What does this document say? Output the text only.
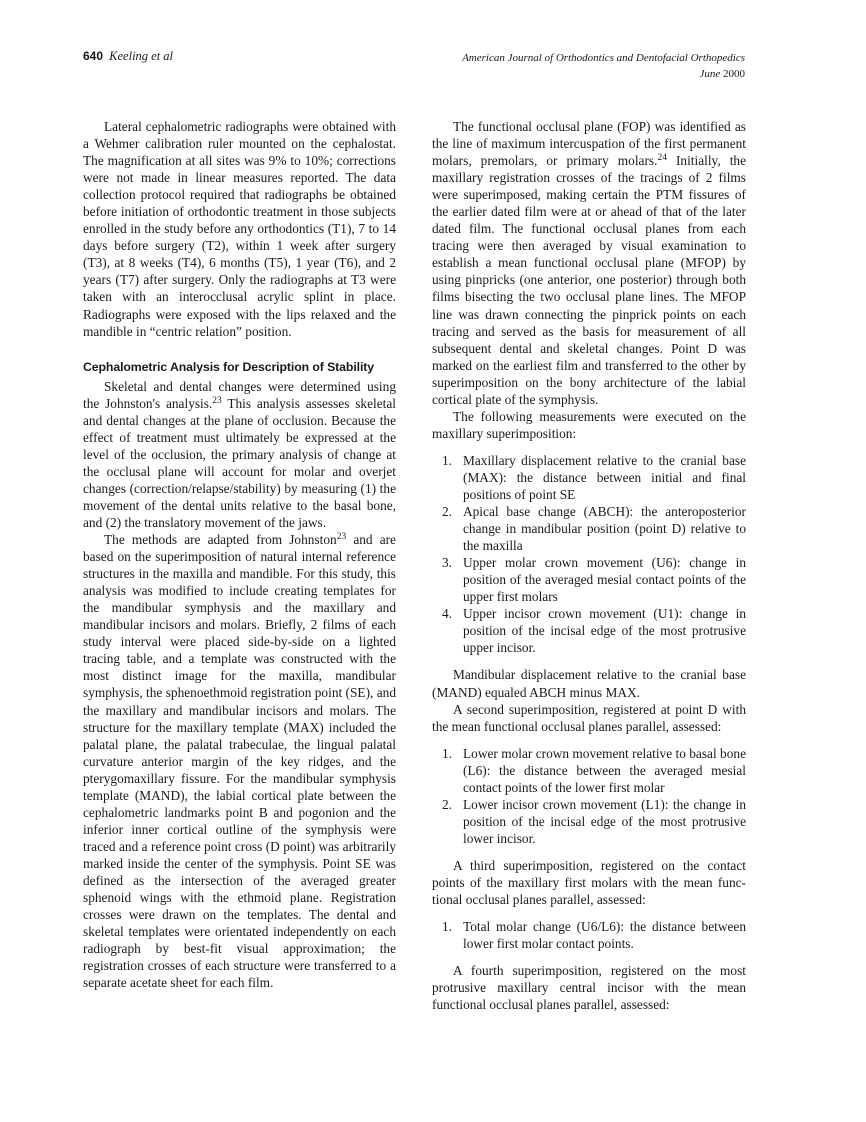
640 Keeling et al	American Journal of Orthodontics and Dentofacial Orthopedics
June 2000

Lateral cephalometric radiographs were obtained with a Wehmer calibration ruler mounted on the cephalostat. The magnification at all sites was 9% to 10%; corrections were not made in linear measures reported. The data collection protocol required that radiographs be obtained before initiation of orthodontic treatment in those subjects enrolled in the study before any orthodontics (T1), 7 to 14 days before surgery (T2), within 1 week after surgery (T3), at 8 weeks (T4), 6 months (T5), 1 year (T6), and 2 years (T7) after surgery. Only the radiographs at T3 were taken with an interocclusal acrylic splint in place. Radiographs were exposed with the lips relaxed and the mandible in “centric relation” position.

Cephalometric Analysis for Description of Stability

Skeletal and dental changes were determined using the Johnston's analysis.$^{23}$ This analysis assesses skeletal and dental changes at the plane of occlusion. Because the effect of treatment must ultimately be expressed at the level of the occlusion, the primary analysis of change at the occlusal plane will account for molar and overjet changes (correction/relapse/stability) by measuring (1) the movement of the dental units relative to the basal bone, and (2) the translatory movement of the jaws.

The methods are adapted from Johnston$^{23}$ and are based on the superimposition of natural internal reference structures in the maxilla and mandible. For this study, this analysis was modified to include creating templates for the mandibular symphysis and the maxillary and mandibular incisors and molars. Briefly, 2 films of each study interval were placed side-by-side on a lighted tracing table, and a template was constructed with the most distinct image for the maxilla, mandibular symphysis, the sphenoethmoid registration point (SE), and the maxillary and mandibular incisors and molars. The structure for the maxillary template (MAX) included the palatal plane, the palatal trabeculae, the lingual palatal curvature anterior margin of the key ridges, and the pterygomaxillary fissure. For the mandibular symphysis template (MAND), the labial cortical plate between the cephalometric landmarks point B and pogonion and the inferior inner cortical outline of the symphysis were traced and a reference point cross (D point) was arbitrarily marked inside the center of the symphysis. Point SE was defined as the intersection of the averaged greater sphenoid wings with the ethmoid plane. Registration crosses were drawn on the templates. The dental and skeletal templates were orientated independently on each radiograph by best-fit visual approximation; the registration crosses of each structure were transferred to a separate acetate sheet for each film.

The functional occlusal plane (FOP) was identified as the line of maximum intercuspation of the first permanent molars, premolars, or primary molars.$^{24}$ Initially, the maxillary registration crosses of the tracings of 2 films were superimposed, making certain the PTM fissures of the earlier dated film were at or ahead of that of the later dated film. The functional occlusal planes from each tracing were then averaged by visual examination to establish a mean functional occlusal plane (MFOP) by using pinpricks (one anterior, one posterior) through both films bisecting the two occlusal plane lines. The MFOP line was drawn connecting the pinprick points on each tracing and served as the basis for measurement of all subsequent dental and skeletal changes. Point D was marked on the earliest film and transferred to the other by superimposition on the bony architecture of the labial cortical plate of the symphysis.

The following measurements were executed on the maxillary superimposition:

1. Maxillary displacement relative to the cranial base (MAX): the distance between initial and final positions of point SE
2. Apical base change (ABCH): the anteroposterior change in mandibular position (point D) relative to the maxilla
3. Upper molar crown movement (U6): change in position of the averaged mesial contact points of the upper first molars
4. Upper incisor crown movement (U1): change in position of the incisal edge of the most protrusive upper incisor.

Mandibular displacement relative to the cranial base (MAND) equaled ABCH minus MAX.

A second superimposition, registered at point D with the mean functional occlusal planes parallel, assessed:

1. Lower molar crown movement relative to basal bone (L6): the distance between the averaged mesial contact points of the lower first molar
2. Lower incisor crown movement (L1): the change in position of the incisal edge of the most protrusive lower incisor.

A third superimposition, registered on the contact points of the maxillary first molars with the mean functional occlusal planes parallel, assessed:

1. Total molar change (U6/L6): the distance between lower first molar contact points.

A fourth superimposition, registered on the most protrusive maxillary central incisor with the mean functional occlusal planes parallel, assessed:
